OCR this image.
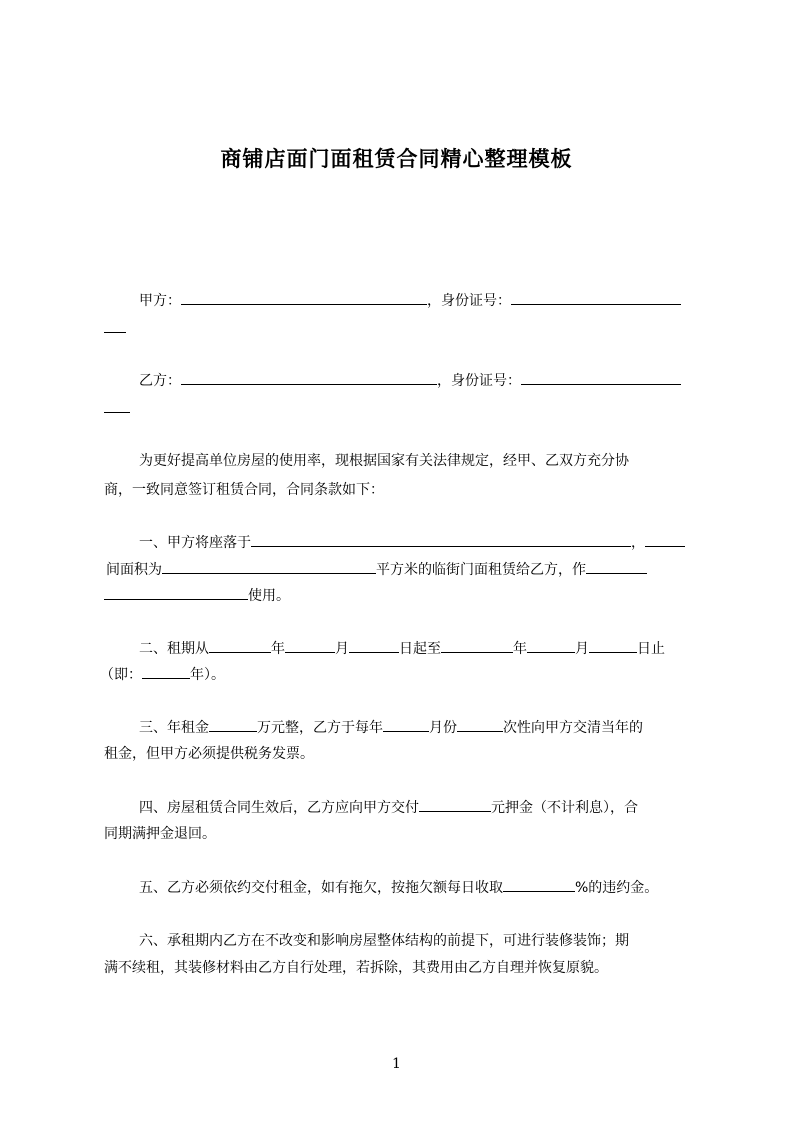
商铺店面门面租赁合同精心整理模板
甲方：	，身份证号：
乙方：	，身份证号：
为更好提高单位房屋的使用率，现根据国家有关法律规定，经甲、乙双方充分协
商，一致同意签订租赁合同，合同条款如下：
一、甲方将座落于	，
间面积为	平方米的临街门面租赁给乙方，作
使用。
二、租期从	年	月	日起至	年	月	日止
（即：	年）。
三、年租金	万元整，乙方于每年	月份	次性向甲方交清当年的
租金，但甲方必须提供税务发票。
四、房屋租赁合同生效后，乙方应向甲方交付	元押金（不计利息），合
同期满押金退回。
五、乙方必须依约交付租金，如有拖欠，按拖欠额每日收取	%的违约金。
六、承租期内乙方在不改变和影响房屋整体结构的前提下，可进行装修装饰；期
满不续租，其装修材料由乙方自行处理，若拆除，其费用由乙方自理并恢复原貌。
1
